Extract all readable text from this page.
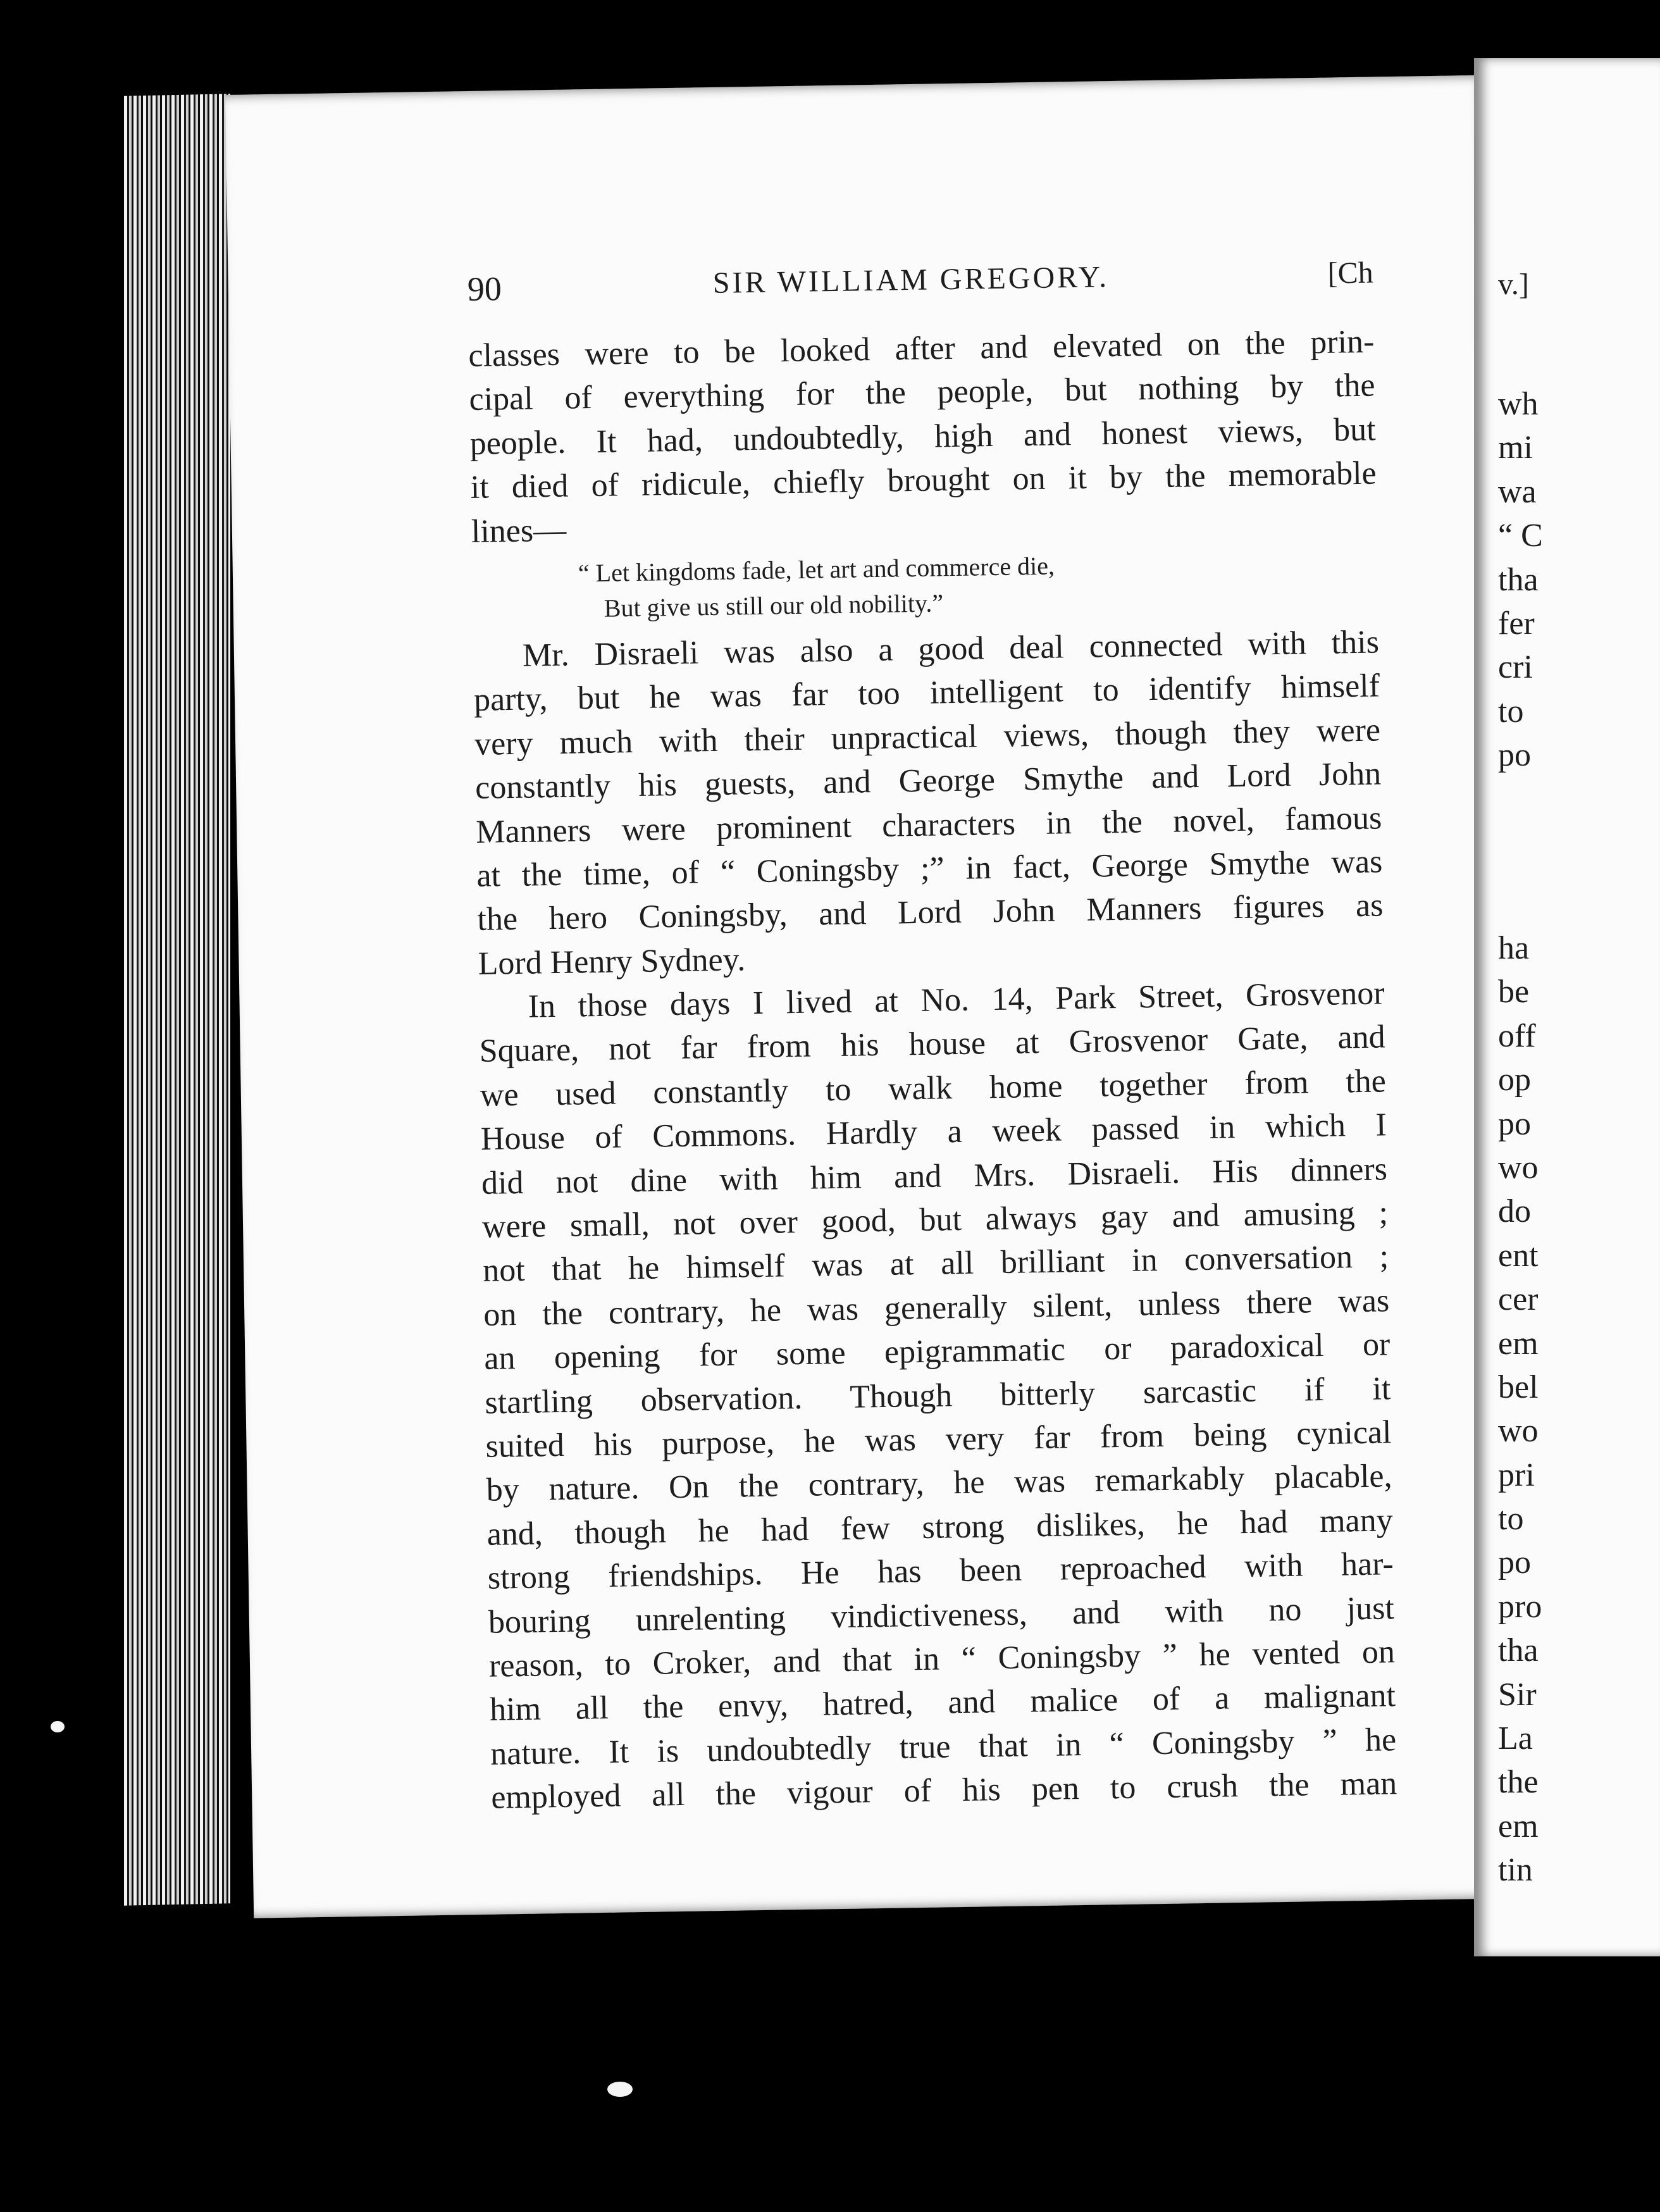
90	SIR WILLIAM GREGORY.	[Ch
classes were to be looked after and elevated on the prin-
cipal of everything for the people, but nothing by the
people. It had, undoubtedly, high and honest views, but
it died of ridicule, chiefly brought on it by the memorable
lines—
“ Let kingdoms fade, let art and commerce die,
But give us still our old nobility.”
Mr. Disraeli was also a good deal connected with this
party, but he was far too intelligent to identify himself
very much with their unpractical views, though they were
constantly his guests, and George Smythe and Lord John
Manners were prominent characters in the novel, famous
at the time, of “ Coningsby ;” in fact, George Smythe was
the hero Coningsby, and Lord John Manners figures as
Lord Henry Sydney.
In those days I lived at No. 14, Park Street, Grosvenor
Square, not far from his house at Grosvenor Gate, and
we used constantly to walk home together from the
House of Commons. Hardly a week passed in which I
did not dine with him and Mrs. Disraeli. His dinners
were small, not over good, but always gay and amusing ;
not that he himself was at all brilliant in conversation ;
on the contrary, he was generally silent, unless there was
an opening for some epigrammatic or paradoxical or
startling observation. Though bitterly sarcastic if it
suited his purpose, he was very far from being cynical
by nature. On the contrary, he was remarkably placable,
and, though he had few strong dislikes, he had many
strong friendships. He has been reproached with har-
bouring unrelenting vindictiveness, and with no just
reason, to Croker, and that in “ Coningsby ” he vented on
him all the envy, hatred, and malice of a malignant
nature. It is undoubtedly true that in “ Coningsby ” he
employed all the vigour of his pen to crush the man
v.]
wh
mi
wa
“ C
tha
fer
cri
to
po
ha
be
off
op
po
wo
do
ent
cer
em
bel
wo
pri
to
po
pro
tha
Sir
La
the
em
tin
